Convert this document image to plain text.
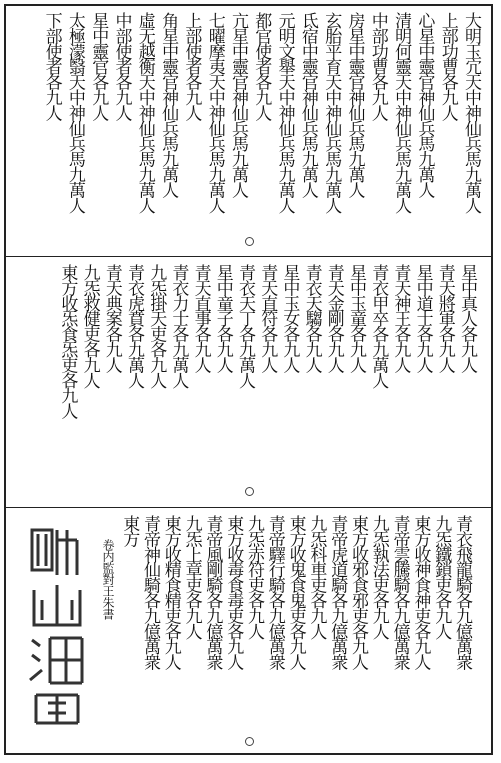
大明玉宂天中神仙兵馬九萬人
上部功曹各九人
心星中靈官神仙兵馬九萬人
清明何靈天中神仙兵馬九萬人
中部功曹各九人
房星中靈官神仙兵馬九萬人
玄胎平育天中神仙兵馬九萬人
氐宿中靈官神仙兵馬九萬人
元明文舉天中神仙兵馬九萬人
都官使者各九人
亢星中靈官神仙兵馬九萬人
七曜摩夷天中神仙兵馬九萬人
上部使者各九人
角星中靈官神仙兵馬九萬人
虛无越衡天中神仙兵馬九萬人
中部使者各九人
星中靈官各九人
太極濛翳天中神仙兵馬九萬人
下部使者各九人
星中真人各九人
青天將軍各九人
星中道士各九人
青天神王各九人
青衣甲卒各九萬人
星中玉童各九人
青天金剛各九人
青衣天騶各九人
星中玉女各九人
青天直符各九人
青衣天丁各九萬人
星中童子各九人
青天直事各九人
青衣力士各九萬人
九炁掛天吏各九人
青衣虎賁各九萬人
青天典案各九人
九炁救健吏各九人
東方收炁食炁吏各九人
青衣飛龍騎各九億萬衆
九炁鐵鎖吏各九人
東方收神食神吏各九人
青帝雲騰騎各九億萬衆
九炁執法吏各九人
東方收邪食邪吏各九人
青帝虎道騎各九億萬衆
九炁科車吏各九人
東方收鬼食鬼吏各九人
青帝驛行騎各九億萬衆
九炁赤符吏各九人
東方收毒食毒吏各九人
青帝風剛騎各九億萬衆
九炁上章吏各九人
東方收精食精吏各九人
青帝神仙騎各九億萬衆
東方
卷内監對王朱書
